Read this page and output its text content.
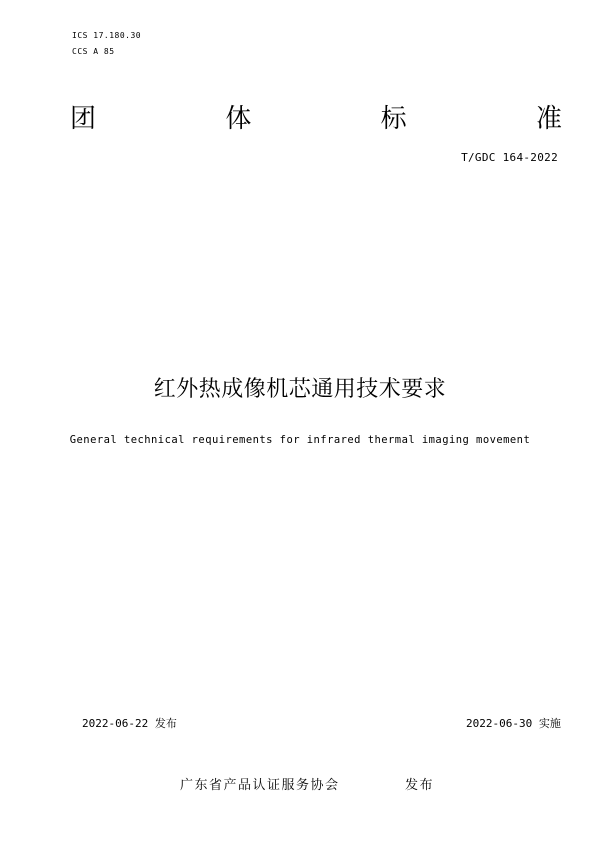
ICS 17.180.30
CCS A 85
团	体	标	准
T/GDC 164-2022
红外热成像机芯通用技术要求
General technical requirements for infrared thermal imaging movement
2022-06-22 发布	2022-06-30 实施
广东省产品认证服务协会	发布
